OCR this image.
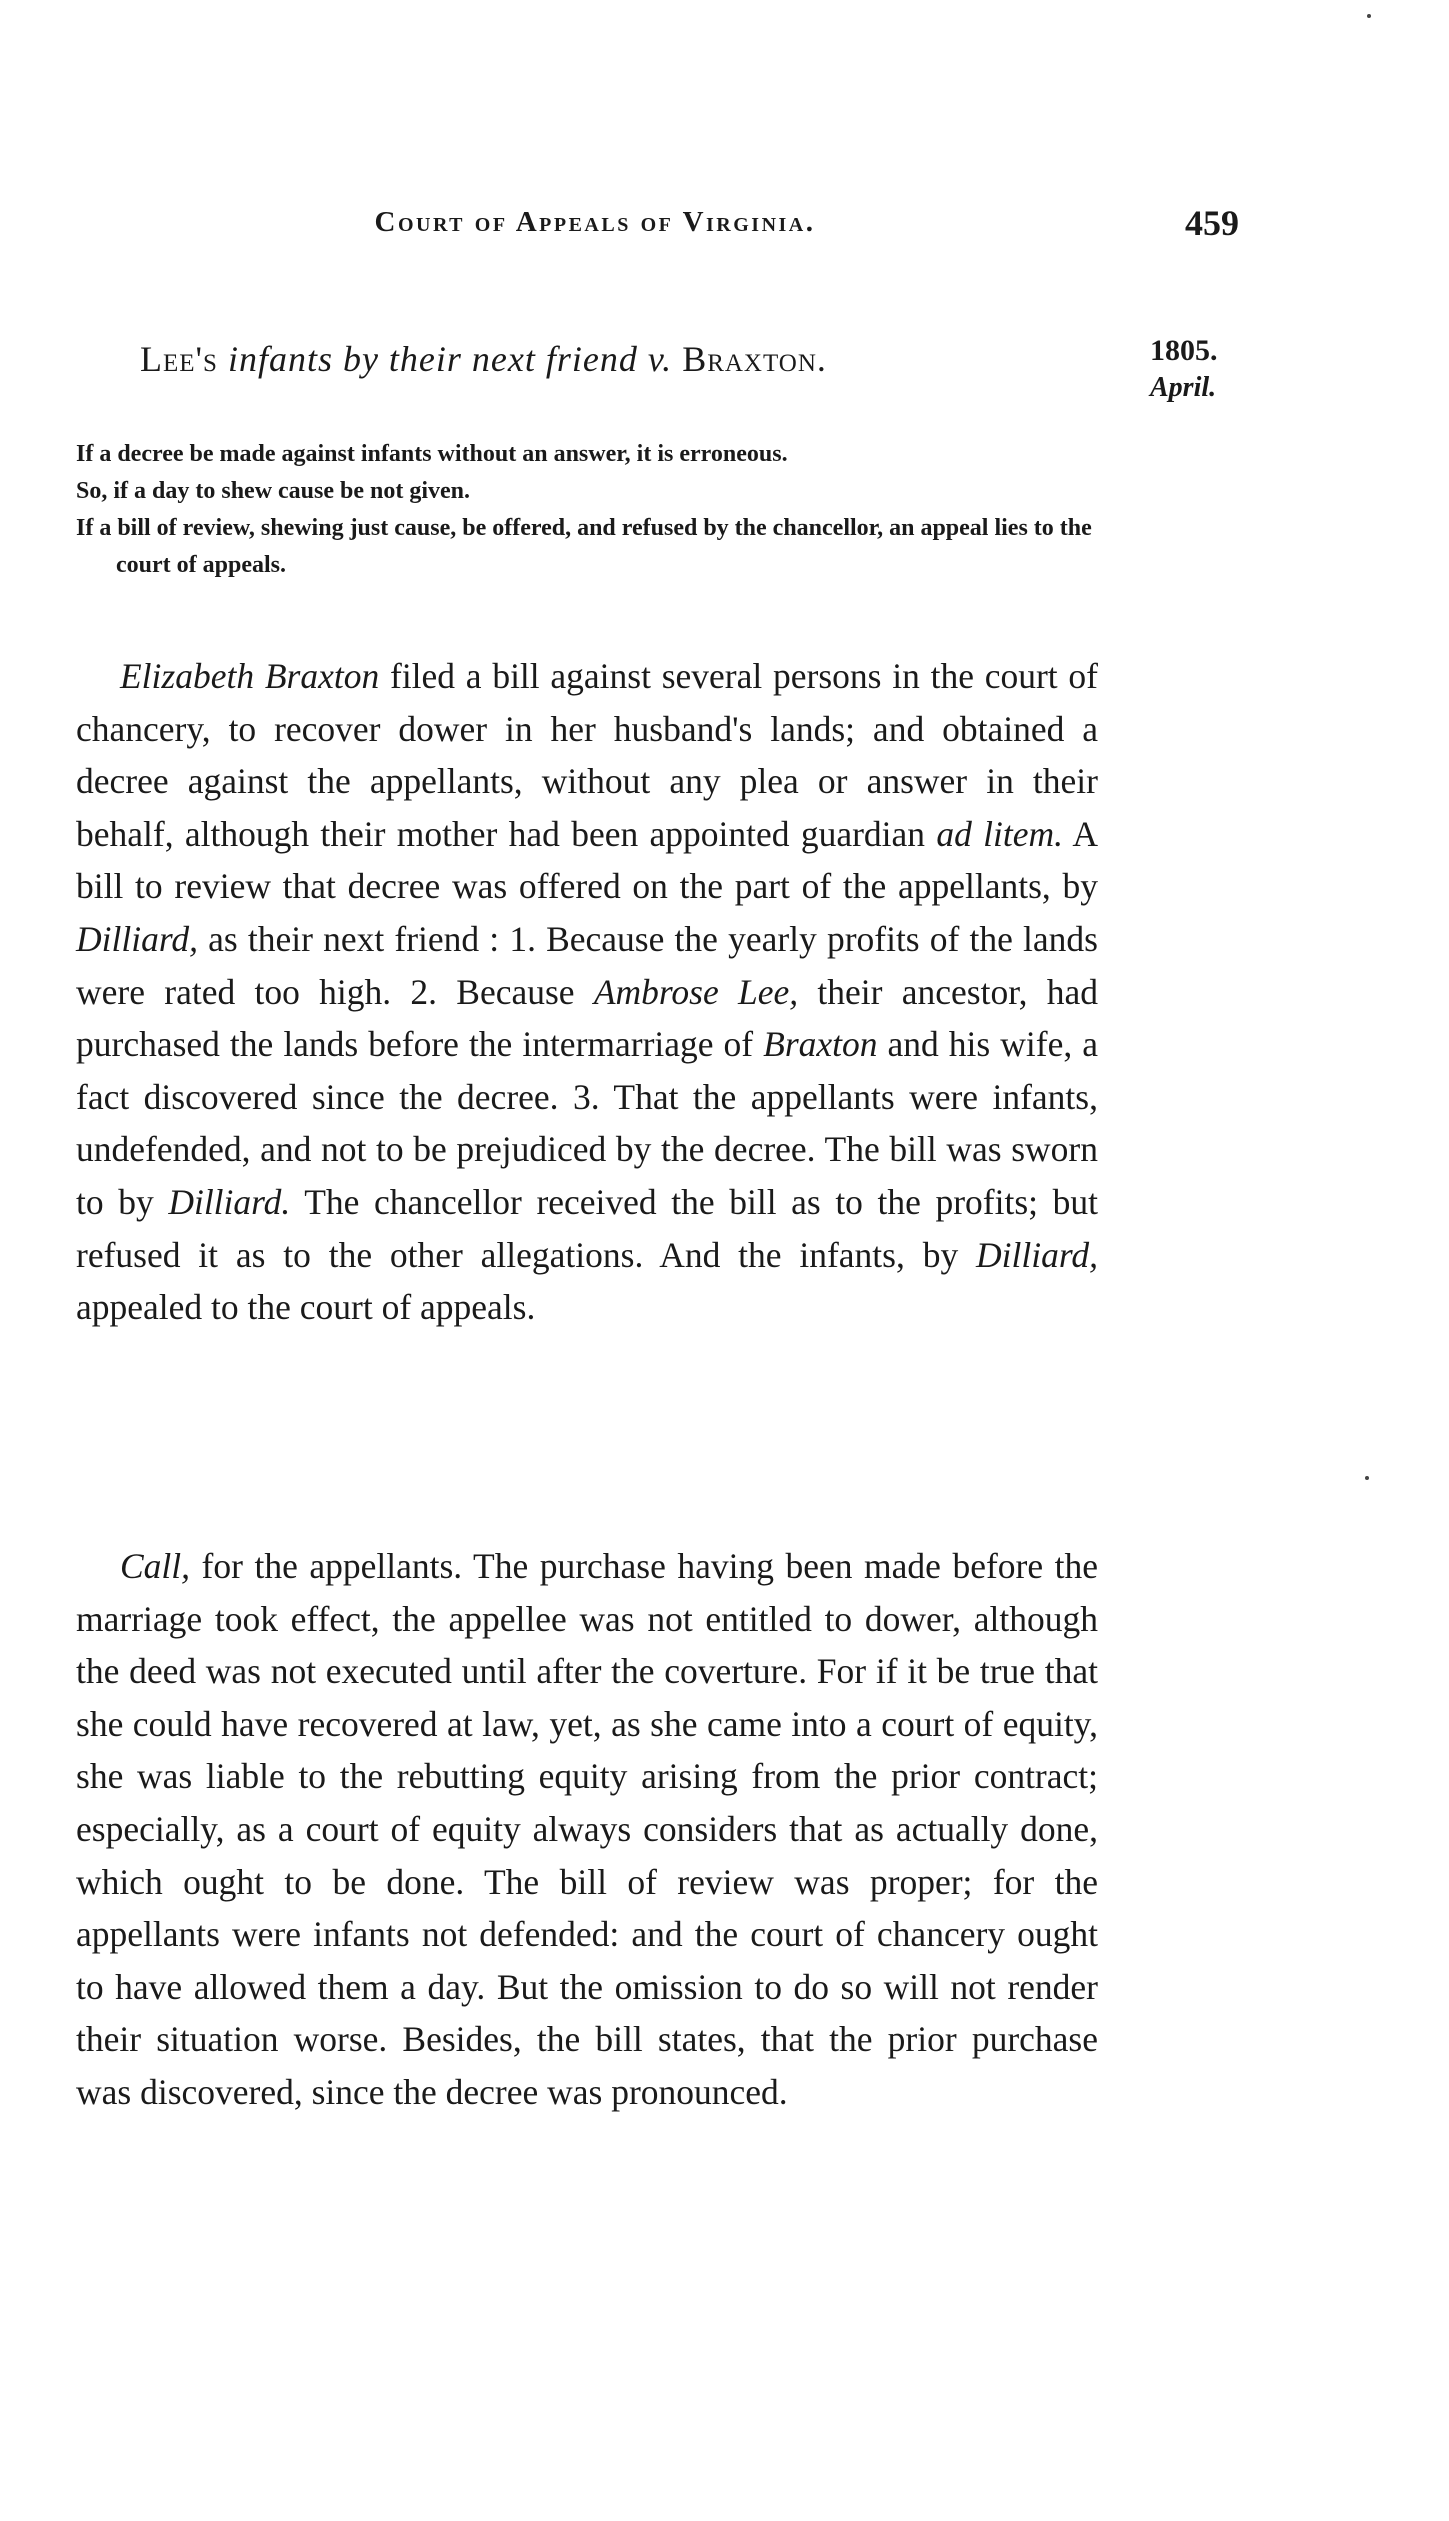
Court of Appeals of Virginia.	459
Lee's infants by their next friend v. Braxton.	1805.
April.

If a decree be made against infants without an answer, it is erroneous.

So, if a day to shew cause be not given.

If a bill of review, shewing just cause, be offered, and refused by the chancellor, an appeal lies to the court of appeals.

Elizabeth Braxton filed a bill against several persons in the court of chancery, to recover dower in her husband's lands; and obtained a decree against the appellants, without any plea or answer in their behalf, although their mother had been appointed guardian ad litem. A bill to review that decree was offered on the part of the appellants, by Dilliard, as their next friend : 1. Because the yearly profits of the lands were rated too high. 2. Because Ambrose Lee, their ancestor, had purchased the lands before the intermarriage of Braxton and his wife, a fact discovered since the decree. 3. That the appellants were infants, undefended, and not to be prejudiced by the decree. The bill was sworn to by Dilliard. The chancellor received the bill as to the profits; but refused it as to the other allegations. And the infants, by Dilliard, appealed to the court of appeals.

Call, for the appellants. The purchase having been made before the marriage took effect, the appellee was not entitled to dower, although the deed was not executed until after the coverture. For if it be true that she could have recovered at law, yet, as she came into a court of equity, she was liable to the rebutting equity arising from the prior contract; especially, as a court of equity always considers that as actually done, which ought to be done. The bill of review was proper; for the appellants were infants not defended: and the court of chancery ought to have allowed them a day. But the omission to do so will not render their situation worse. Besides, the bill states, that the prior purchase was discovered, since the decree was pronounced.
